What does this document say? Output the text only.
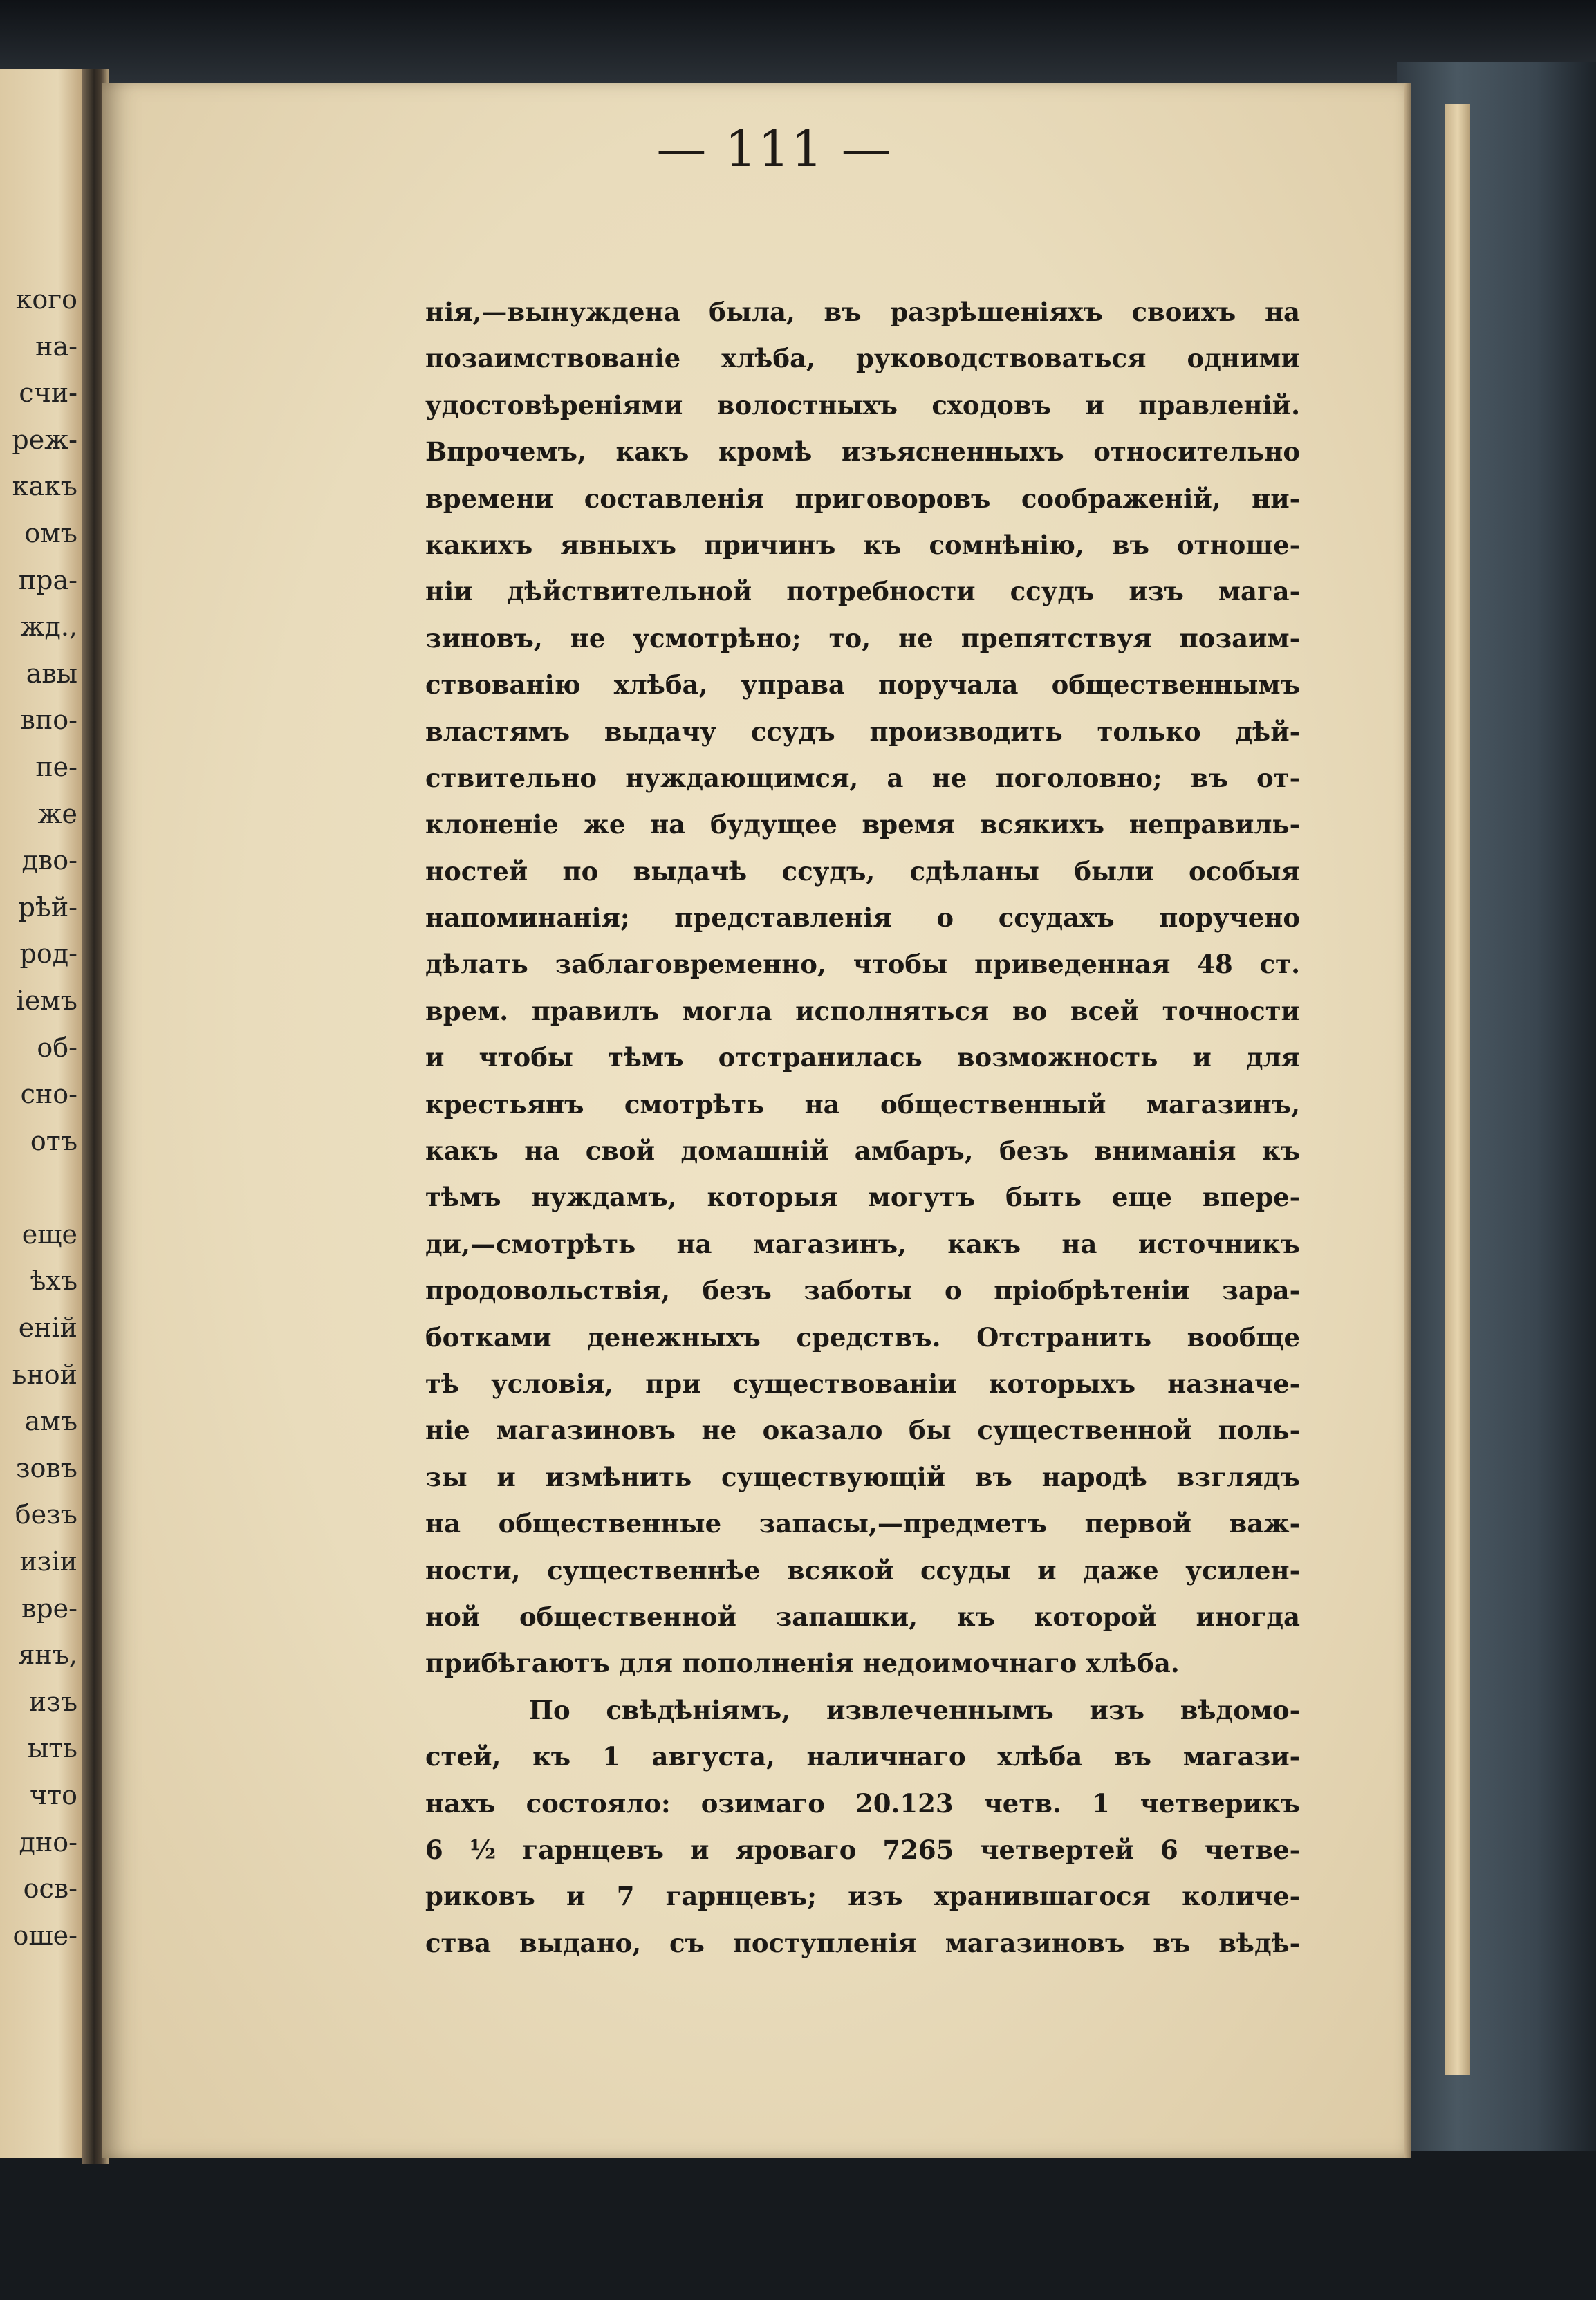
кого
на-
счи-
реж-
какъ
омъ
пра-
жд.,
авы
впо-
пе-
же
дво-
рѣй-
род-
іемъ
об-
сно-
отъ
еще
ѣхъ
еній
ьной
амъ
зовъ
безъ
изіи
вре-
янъ,
изъ
ыть
что
дно-
осв-
оше-
— 111 —
нія,—вынуждена была, въ разрѣшеніяхъ своихъ на
позаимствованіе хлѣба, руководствоваться одними
удостовѣреніями волостныхъ сходовъ и правленій.
Впрочемъ, какъ кромѣ изъясненныхъ относительно
времени составленія приговоровъ соображеній, ни-
какихъ явныхъ причинъ къ сомнѣнію, въ отноше-
ніи дѣйствительной потребности ссудъ изъ мага-
зиновъ, не усмотрѣно; то, не препятствуя позаим-
ствованію хлѣба, управа поручала общественнымъ
властямъ выдачу ссудъ производить только дѣй-
ствительно нуждающимся, а не поголовно; въ от-
клоненіе же на будущее время всякихъ неправиль-
ностей по выдачѣ ссудъ, сдѣланы были особыя
напоминанія; представленія о ссудахъ поручено
дѣлать заблаговременно, чтобы приведенная 48 ст.
врем. правилъ могла исполняться во всей точности
и чтобы тѣмъ отстранилась возможность и для
крестьянъ смотрѣть на общественный магазинъ,
какъ на свой домашній амбаръ, безъ вниманія къ
тѣмъ нуждамъ, которыя могутъ быть еще впере-
ди,—смотрѣть на магазинъ, какъ на источникъ
продовольствія, безъ заботы о пріобрѣтеніи зара-
ботками денежныхъ средствъ. Отстранить вообще
тѣ условія, при существованіи которыхъ назначе-
ніе магазиновъ не оказало бы существенной поль-
зы и измѣнить существующій въ народѣ взглядъ
на общественные запасы,—предметъ первой важ-
ности, существеннѣе всякой ссуды и даже усилен-
ной общественной запашки, къ которой иногда
прибѣгаютъ для пополненія недоимочнаго хлѣба.
По свѣдѣніямъ, извлеченнымъ изъ вѣдомо-
стей, къ 1 августа, наличнаго хлѣба въ магази-
нахъ состояло: озимаго 20.123 четв. 1 четверикъ
6 ½ гарнцевъ и яроваго 7265 четвертей 6 четве-
риковъ и 7 гарнцевъ; изъ хранившагося количе-
ства выдано, съ поступленія магазиновъ въ вѣдѣ-
